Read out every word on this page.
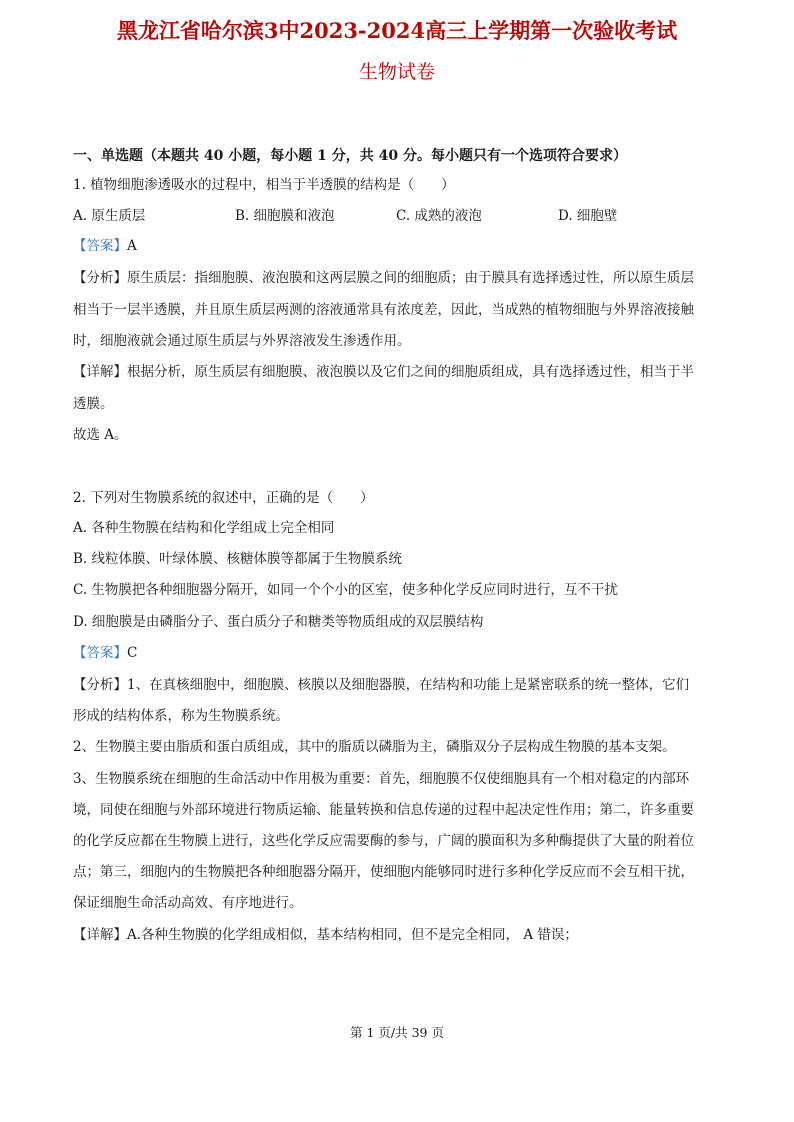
黑龙江省哈尔滨3中2023-2024高三上学期第一次验收考试
生物试卷
一、单选题（本题共 40 小题，每小题 1 分，共 40 分。每小题只有一个选项符合要求）
1. 植物细胞渗透吸水的过程中，相当于半透膜的结构是（　　）
A. 原生质层	B. 细胞膜和液泡	C. 成熟的液泡	D. 细胞壁
【答案】A
【分析】原生质层：指细胞膜、液泡膜和这两层膜之间的细胞质；由于膜具有选择透过性，所以原生质层
相当于一层半透膜，并且原生质层两测的溶液通常具有浓度差，因此，当成熟的植物细胞与外界溶液接触
时，细胞液就会通过原生质层与外界溶液发生渗透作用。
【详解】根据分析，原生质层有细胞膜、液泡膜以及它们之间的细胞质组成，具有选择透过性，相当于半
透膜。
故选 A。
2. 下列对生物膜系统的叙述中，正确的是（　　）
A. 各种生物膜在结构和化学组成上完全相同
B. 线粒体膜、叶绿体膜、核糖体膜等都属于生物膜系统
C. 生物膜把各种细胞器分隔开，如同一个个小的区室，使多种化学反应同时进行，互不干扰
D. 细胞膜是由磷脂分子、蛋白质分子和糖类等物质组成的双层膜结构
【答案】C
【分析】1、在真核细胞中，细胞膜、核膜以及细胞器膜，在结构和功能上是紧密联系的统一整体，它们
形成的结构体系，称为生物膜系统。
2、生物膜主要由脂质和蛋白质组成，其中的脂质以磷脂为主，磷脂双分子层构成生物膜的基本支架。
3、生物膜系统在细胞的生命活动中作用极为重要：首先，细胞膜不仅使细胞具有一个相对稳定的内部环
境，同使在细胞与外部环境进行物质运输、能量转换和信息传递的过程中起决定性作用；第二，许多重要
的化学反应都在生物膜上进行，这些化学反应需要酶的参与，广阔的膜面积为多种酶提供了大量的附着位
点；第三，细胞内的生物膜把各种细胞器分隔开，使细胞内能够同时进行多种化学反应而不会互相干扰，
保证细胞生命活动高效、有序地进行。
【详解】A.各种生物膜的化学组成相似，基本结构相同，但不是完全相同， A 错误；
第 1 页/共 39 页
